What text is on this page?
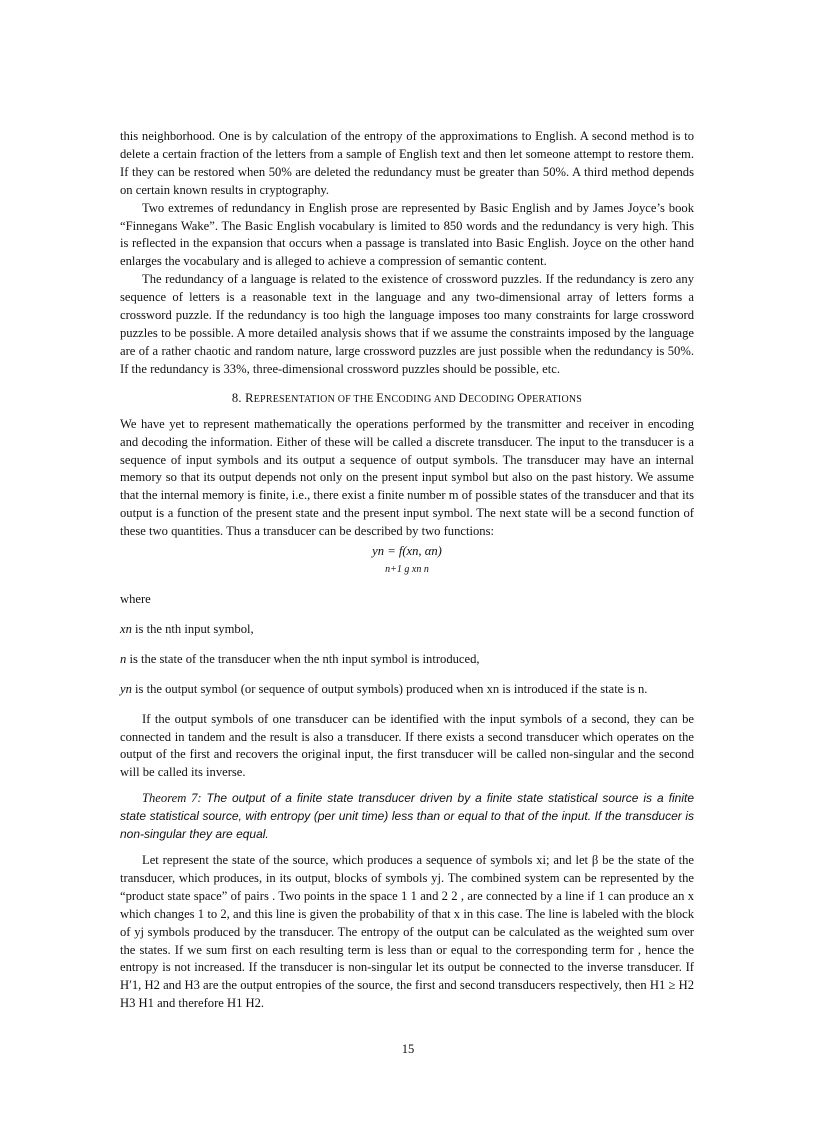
this neighborhood. One is by calculation of the entropy of the approximations to English. A second method is to delete a certain fraction of the letters from a sample of English text and then let someone attempt to restore them. If they can be restored when 50% are deleted the redundancy must be greater than 50%. A third method depends on certain known results in cryptography.

Two extremes of redundancy in English prose are represented by Basic English and by James Joyce’s book “Finnegans Wake”. The Basic English vocabulary is limited to 850 words and the redundancy is very high. This is reflected in the expansion that occurs when a passage is translated into Basic English. Joyce on the other hand enlarges the vocabulary and is alleged to achieve a compression of semantic content.

The redundancy of a language is related to the existence of crossword puzzles. If the redundancy is zero any sequence of letters is a reasonable text in the language and any two-dimensional array of letters forms a crossword puzzle. If the redundancy is too high the language imposes too many constraints for large crossword puzzles to be possible. A more detailed analysis shows that if we assume the constraints imposed by the language are of a rather chaotic and random nature, large crossword puzzles are just possible when the redundancy is 50%. If the redundancy is 33%, three-dimensional crossword puzzles should be possible, etc.

8. REPRESENTATION OF THE ENCODING AND DECODING OPERATIONS

We have yet to represent mathematically the operations performed by the transmitter and receiver in encoding and decoding the information. Either of these will be called a discrete transducer. The input to the transducer is a sequence of input symbols and its output a sequence of output symbols. The transducer may have an internal memory so that its output depends not only on the present input symbol but also on the past history. We assume that the internal memory is finite, i.e., there exist a finite number m of possible states of the transducer and that its output is a function of the present state and the present input symbol. The next state will be a second function of these two quantities. Thus a transducer can be described by two functions:

yn = f(xn, αn)
n+1 g xn n

where

xn is the nth input symbol,

n is the state of the transducer when the nth input symbol is introduced,

yn is the output symbol (or sequence of output symbols) produced when xn is introduced if the state is n.

If the output symbols of one transducer can be identified with the input symbols of a second, they can be connected in tandem and the result is also a transducer. If there exists a second transducer which operates on the output of the first and recovers the original input, the first transducer will be called non-singular and the second will be called its inverse.

Theorem 7: The output of a finite state transducer driven by a finite state statistical source is a finite state statistical source, with entropy (per unit time) less than or equal to that of the input. If the transducer is non-singular they are equal.

Let represent the state of the source, which produces a sequence of symbols xi; and let β be the state of the transducer, which produces, in its output, blocks of symbols yj. The combined system can be represented by the “product state space” of pairs . Two points in the space 1 1 and 2 2 , are connected by a line if 1 can produce an x which changes 1 to 2, and this line is given the probability of that x in this case. The line is labeled with the block of yj symbols produced by the transducer. The entropy of the output can be calculated as the weighted sum over the states. If we sum first on each resulting term is less than or equal to the corresponding term for , hence the entropy is not increased. If the transducer is non-singular let its output be connected to the inverse transducer. If H′1, H2 and H3 are the output entropies of the source, the first and second transducers respectively, then H1 ≥ H2 H3 H1 and therefore H1 H2.

15
